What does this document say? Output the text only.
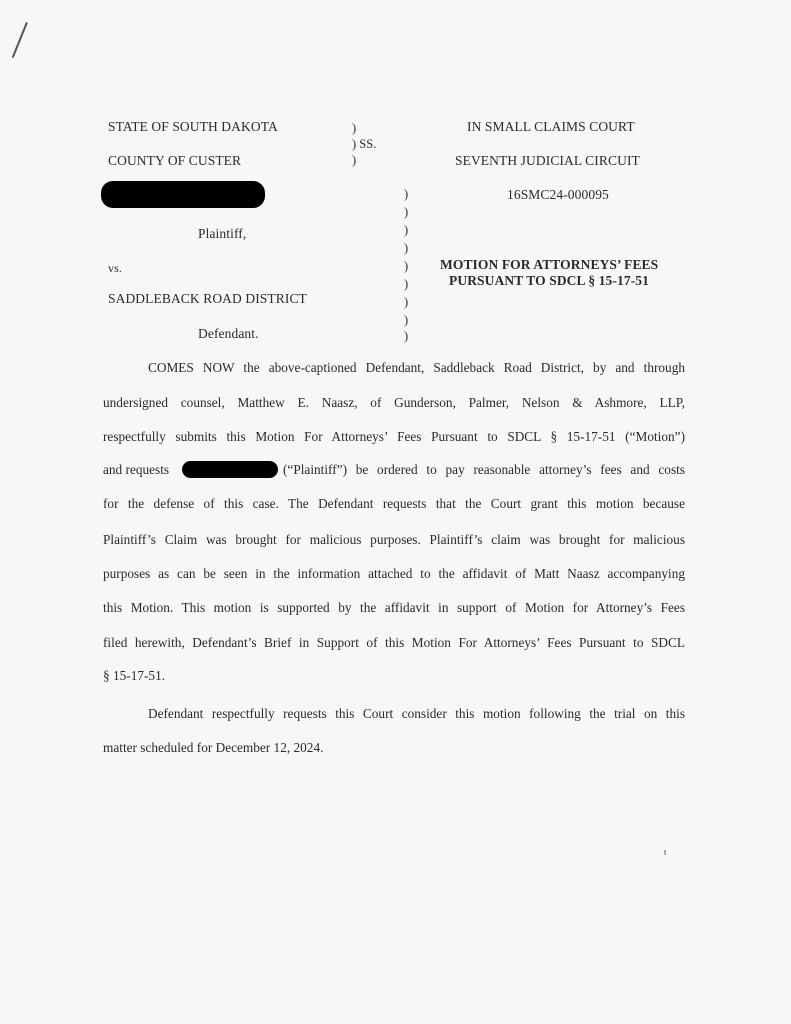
STATE OF SOUTH DAKOTA
COUNTY OF CUSTER
)
) SS.
)
IN SMALL CLAIMS COURT
SEVENTH JUDICIAL CIRCUIT
16SMC24-000095
Plaintiff,
vs.
SADDLEBACK ROAD DISTRICT
Defendant.
)
)
)
)
)
)
)
)
)
MOTION FOR ATTORNEYS’ FEES
PURSUANT TO SDCL § 15-17-51
COMES NOW the above-captioned Defendant, Saddleback Road District, by and through
undersigned counsel, Matthew E. Naasz, of Gunderson, Palmer, Nelson & Ashmore, LLP,
respectfully submits this Motion For Attorneys’ Fees Pursuant to SDCL § 15-17-51 (“Motion”)
and requests	(“Plaintiff”) be ordered to pay reasonable attorney’s fees and costs
for the defense of this case. The Defendant requests that the Court grant this motion because
Plaintiff’s Claim was brought for malicious purposes. Plaintiff’s claim was brought for malicious
purposes as can be seen in the information attached to the affidavit of Matt Naasz accompanying
this Motion. This motion is supported by the affidavit in support of Motion for Attorney’s Fees
filed herewith, Defendant’s Brief in Support of this Motion For Attorneys’ Fees Pursuant to SDCL
§ 15-17-51.
Defendant respectfully requests this Court consider this motion following the trial on this
matter scheduled for December 12, 2024.
